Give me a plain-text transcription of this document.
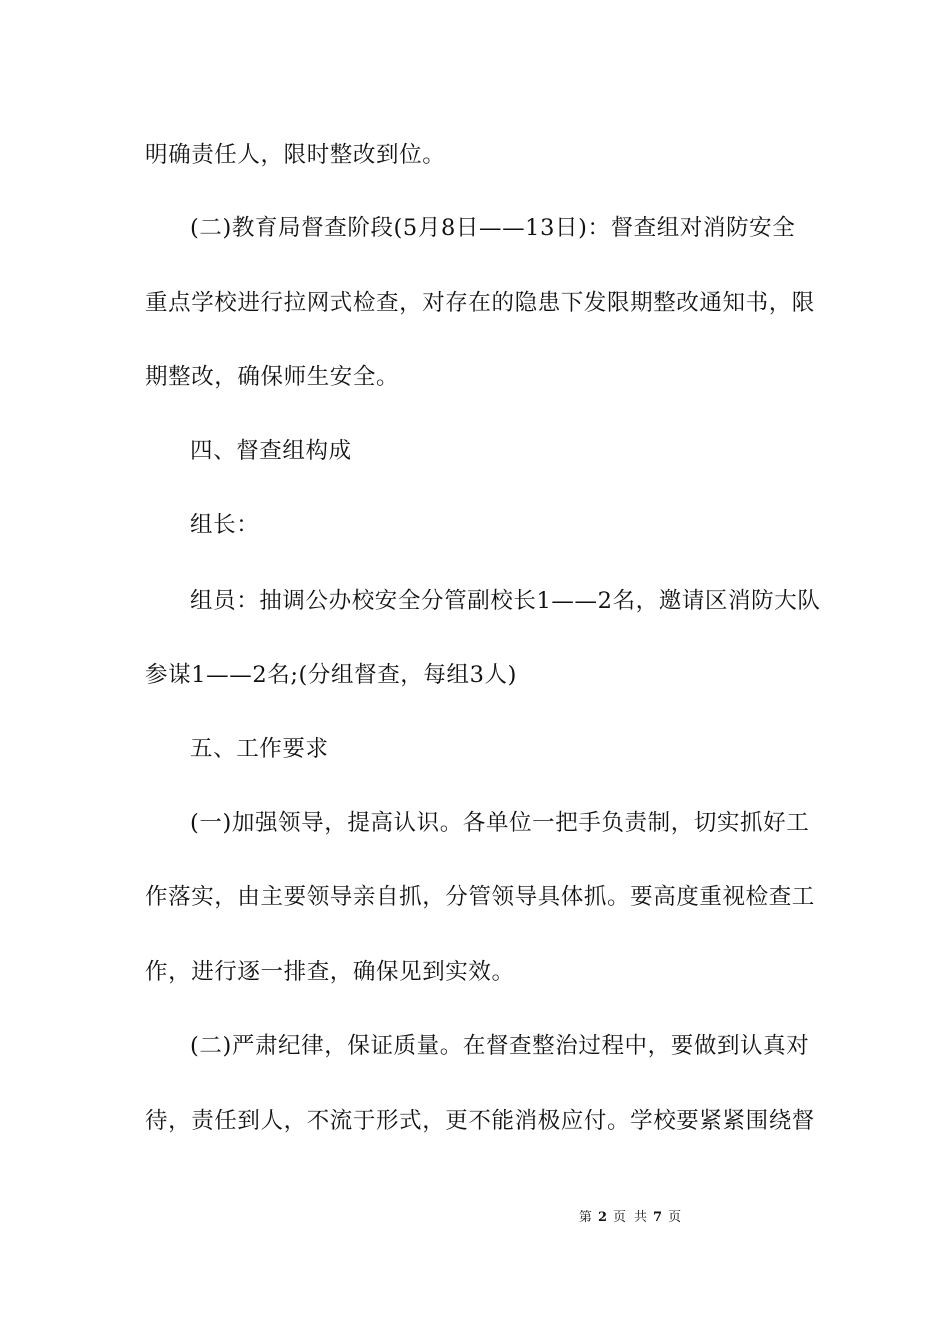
明确责任人，限时整改到位。
(二)教育局督查阶段(5月8日——13日)：督查组对消防安全
重点学校进行拉网式检查，对存在的隐患下发限期整改通知书，限
期整改，确保师生安全。
四、督查组构成
组长：
组员：抽调公办校安全分管副校长1——2名，邀请区消防大队
参谋1——2名;(分组督查，每组3人)
五、工作要求
(一)加强领导，提高认识。各单位一把手负责制，切实抓好工
作落实，由主要领导亲自抓，分管领导具体抓。要高度重视检查工
作，进行逐一排查，确保见到实效。
(二)严肃纪律，保证质量。在督查整治过程中，要做到认真对
待，责任到人，不流于形式，更不能消极应付。学校要紧紧围绕督
第 2 页 共 7 页
